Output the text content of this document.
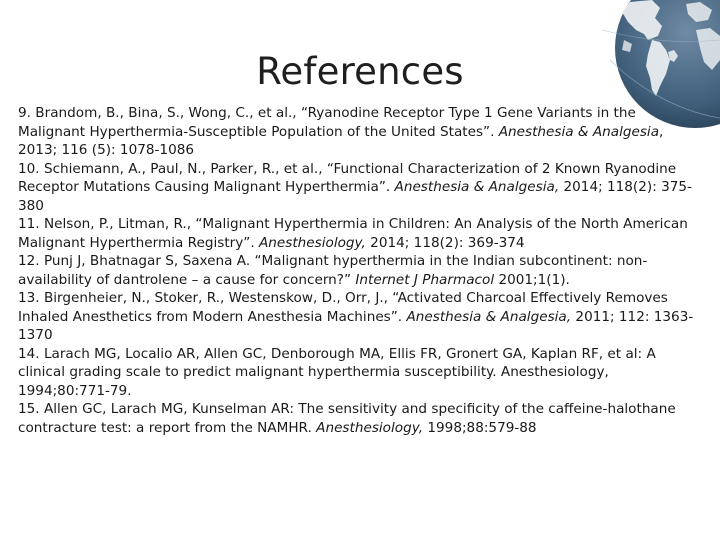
References

9. Brandom, B., Bina, S., Wong, C., et al., “Ryanodine Receptor Type 1 Gene Variants in the Malignant Hyperthermia-Susceptible Population of the United States”. Anesthesia & Analgesia, 2013; 116 (5): 1078-1086

10. Schiemann, A., Paul, N., Parker, R., et al., “Functional Characterization of 2 Known Ryanodine Receptor Mutations Causing Malignant Hyperthermia”. Anesthesia & Analgesia, 2014; 118(2): 375-380

11. Nelson, P., Litman, R., “Malignant Hyperthermia in Children: An Analysis of the North American Malignant Hyperthermia Registry”. Anesthesiology, 2014; 118(2): 369-374

12. Punj J, Bhatnagar S, Saxena A. “Malignant hyperthermia in the Indian subcontinent: non-availability of dantrolene – a cause for concern?” Internet J Pharmacol 2001;1(1).

13. Birgenheier, N., Stoker, R., Westenskow, D., Orr, J., “Activated Charcoal Effectively Removes Inhaled Anesthetics from Modern Anesthesia Machines”. Anesthesia & Analgesia, 2011; 112: 1363-1370

14. Larach MG, Localio AR, Allen GC, Denborough MA, Ellis FR, Gronert GA, Kaplan RF, et al: A clinical grading scale to predict malignant hyperthermia susceptibility. Anesthesiology, 1994;80:771-79.

15. Allen GC, Larach MG, Kunselman AR: The sensitivity and specificity of the caffeine-halothane contracture test: a report from the NAMHR. Anesthesiology, 1998;88:579-88
